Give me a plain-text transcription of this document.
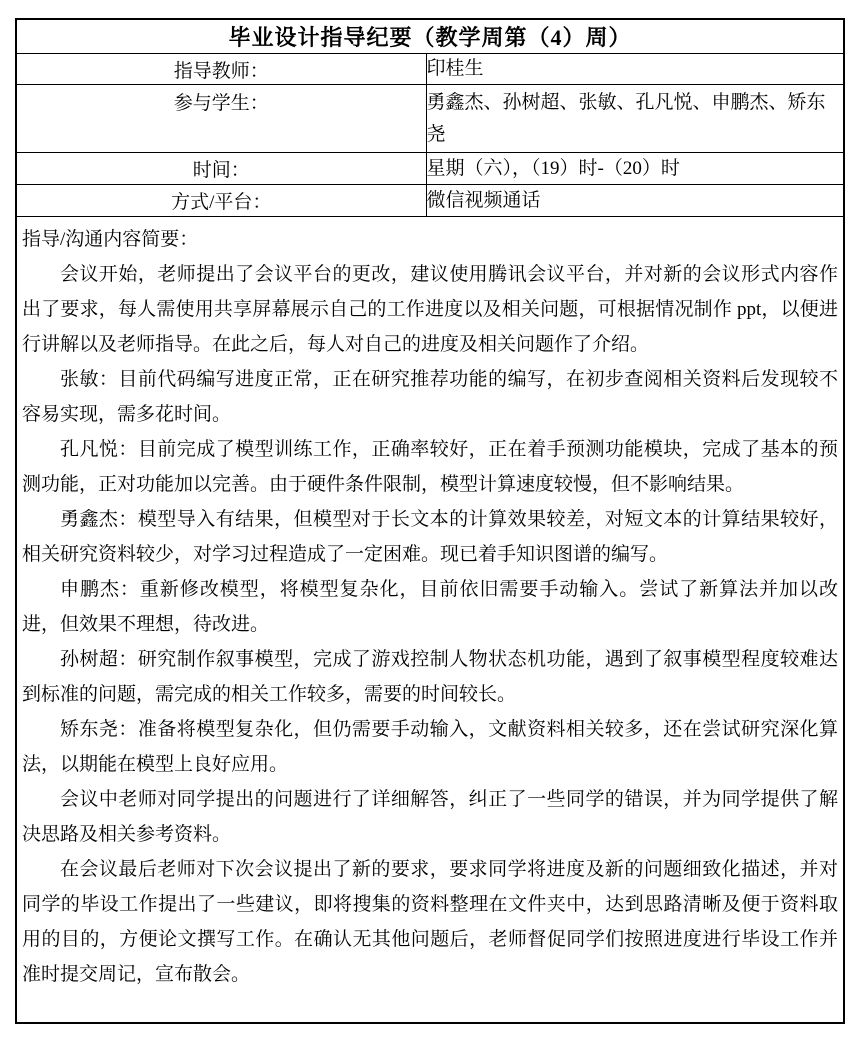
毕业设计指导纪要（教学周第（4）周）	
指导教师：	印桂生
参与学生：	勇鑫杰、孙树超、张敏、孔凡悦、申鹏杰、矫东尧
时间：	星期（六），（19）时-（20）时
方式/平台：	微信视频通话

指导/沟通内容简要：

会议开始，老师提出了会议平台的更改，建议使用腾讯会议平台，并对新的会议形式内容作出了要求，每人需使用共享屏幕展示自己的工作进度以及相关问题，可根据情况制作 ppt，以便进行讲解以及老师指导。在此之后，每人对自己的进度及相关问题作了介绍。

张敏：目前代码编写进度正常，正在研究推荐功能的编写，在初步查阅相关资料后发现较不容易实现，需多花时间。

孔凡悦：目前完成了模型训练工作，正确率较好，正在着手预测功能模块，完成了基本的预测功能，正对功能加以完善。由于硬件条件限制，模型计算速度较慢，但不影响结果。

勇鑫杰：模型导入有结果，但模型对于长文本的计算效果较差，对短文本的计算结果较好，相关研究资料较少，对学习过程造成了一定困难。现已着手知识图谱的编写。

申鹏杰：重新修改模型，将模型复杂化，目前依旧需要手动输入。尝试了新算法并加以改进，但效果不理想，待改进。

孙树超：研究制作叙事模型，完成了游戏控制人物状态机功能，遇到了叙事模型程度较难达到标准的问题，需完成的相关工作较多，需要的时间较长。

矫东尧：准备将模型复杂化，但仍需要手动输入，文献资料相关较多，还在尝试研究深化算法，以期能在模型上良好应用。

会议中老师对同学提出的问题进行了详细解答，纠正了一些同学的错误，并为同学提供了解决思路及相关参考资料。

在会议最后老师对下次会议提出了新的要求，要求同学将进度及新的问题细致化描述，并对同学的毕设工作提出了一些建议，即将搜集的资料整理在文件夹中，达到思路清晰及便于资料取用的目的，方便论文撰写工作。在确认无其他问题后，老师督促同学们按照进度进行毕设工作并准时提交周记，宣布散会。
